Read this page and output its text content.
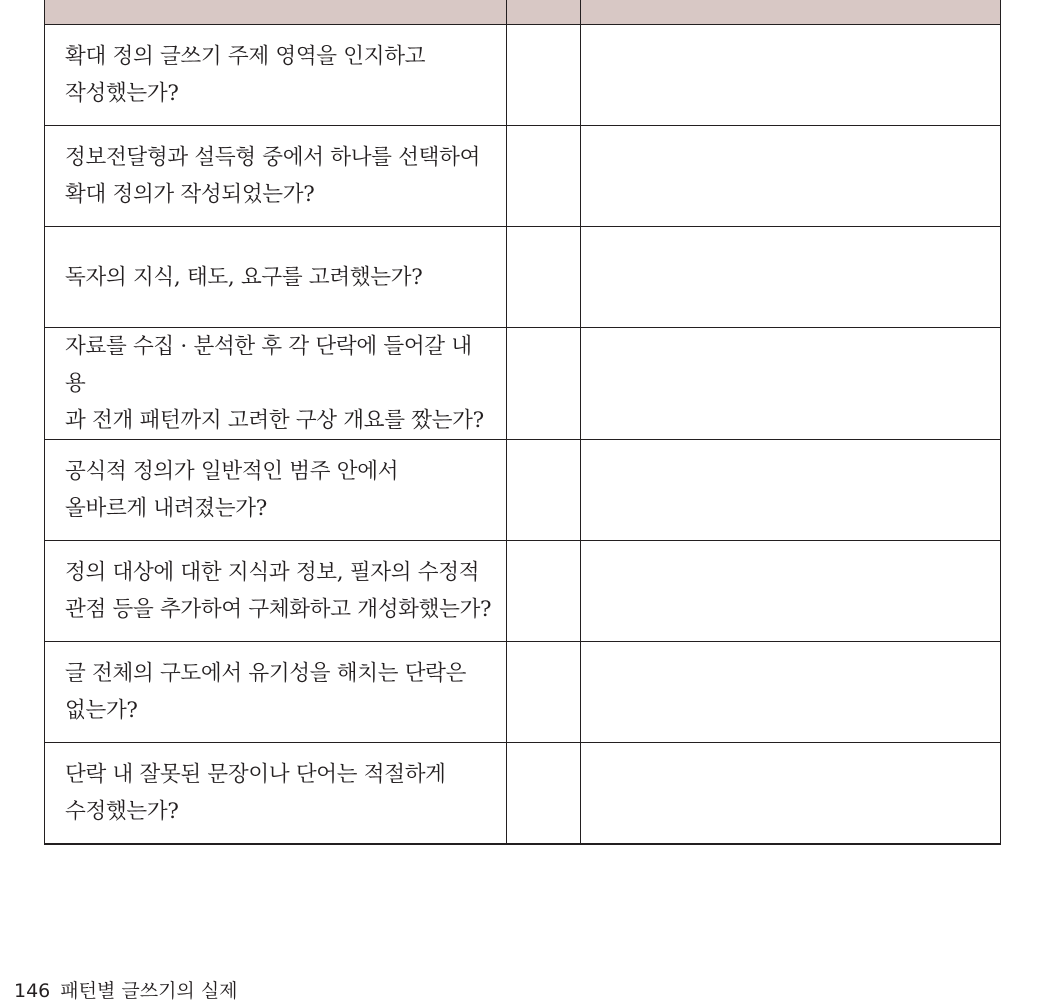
확대 정의 글쓰기 주제 영역을 인지하고
작성했는가?		

정보전달형과 설득형 중에서 하나를 선택하여
확대 정의가 작성되었는가?		

독자의 지식, 태도, 요구를 고려했는가?		

자료를 수집 · 분석한 후 각 단락에 들어갈 내용
과 전개 패턴까지 고려한 구상 개요를 짰는가?		

공식적 정의가 일반적인 범주 안에서
올바르게 내려졌는가?		

정의 대상에 대한 지식과 정보, 필자의 수정적
관점 등을 추가하여 구체화하고 개성화했는가?		

글 전체의 구도에서 유기성을 해치는 단락은
없는가?		

단락 내 잘못된 문장이나 단어는 적절하게
수정했는가?		

146 패턴별 글쓰기의 실제
